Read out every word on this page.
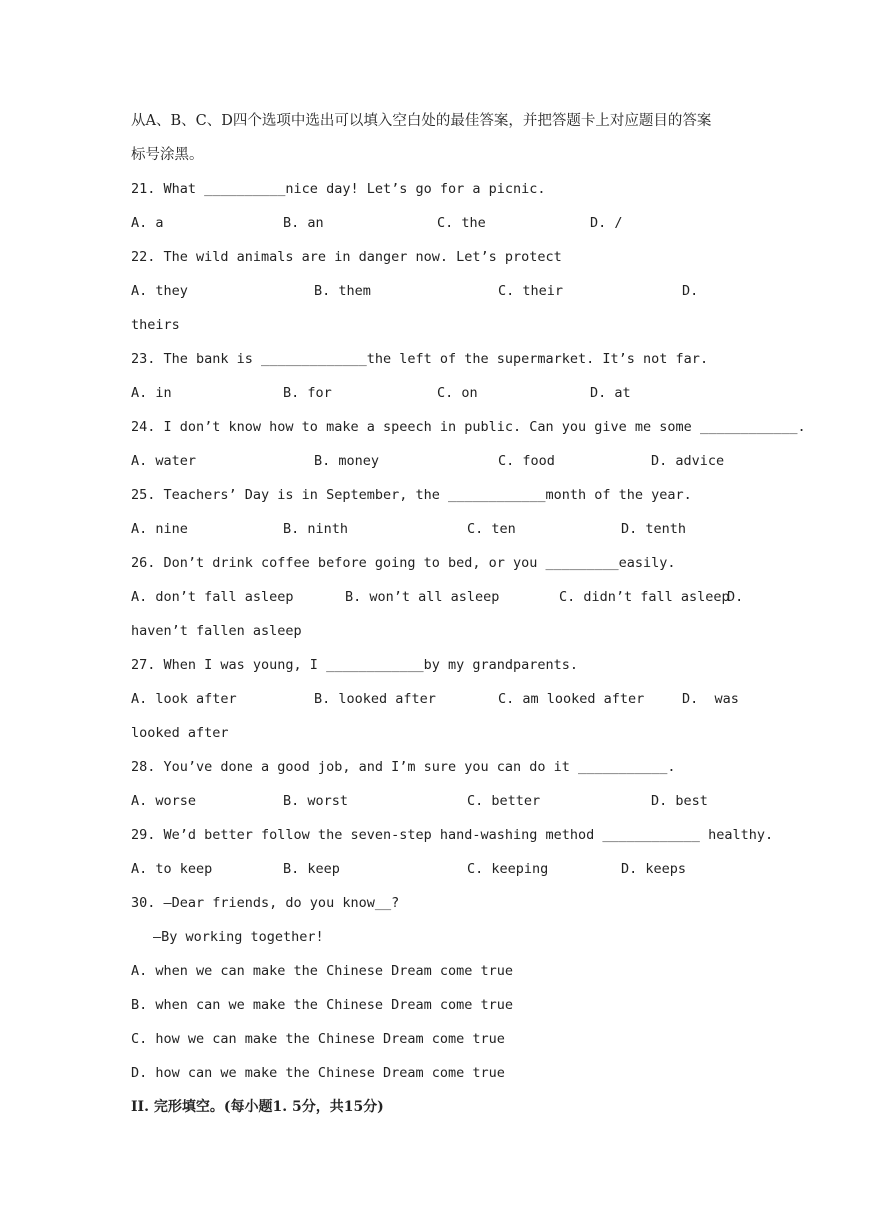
从A、B、C、D四个选项中选出可以填入空白处的最佳答案，并把答题卡上对应题目的答案
标号涂黑。
21. What __________nice day! Let’s go for a picnic.

A. a

	B. an

	C. the

	D. /

22. The wild animals are in danger now. Let’s protect

A. they

	B. them

	C. their

	D.

theirs
23. The bank is _____________the left of the supermarket. It’s not far.

A. in

	B. for

	C. on

	D. at

24. I don’t know how to make a speech in public. Can you give me some ____________.

A. water

	B. money

	C. food

	D. advice

25. Teachers’ Day is in September, the ____________month of the year.

A. nine

	B. ninth

	C. ten

	D. tenth

26. Don’t drink coffee before going to bed, or you _________easily.

A. don’t fall asleep

	B. won’t all asleep

	C. didn’t fall asleep

D.

haven’t fallen asleep
27. When I was young, I ____________by my grandparents.

A. look after

	B. looked after

	C. am looked after

	D.  was

looked after
28. You’ve done a good job, and I’m sure you can do it ___________.

A. worse

	B. worst

	C. better

	D. best

29. We’d better follow the seven-step hand-washing method ____________ healthy.

A. to keep

	B. keep

	C. keeping

	D. keeps

30. —Dear friends, do you know__?
—By working together!
A. when we can make the Chinese Dream come true
B. when can we make the Chinese Dream come true
C. how we can make the Chinese Dream come true
D. how can we make the Chinese Dream come true
II. 完形填空。(每小题1. 5分，共15分)
